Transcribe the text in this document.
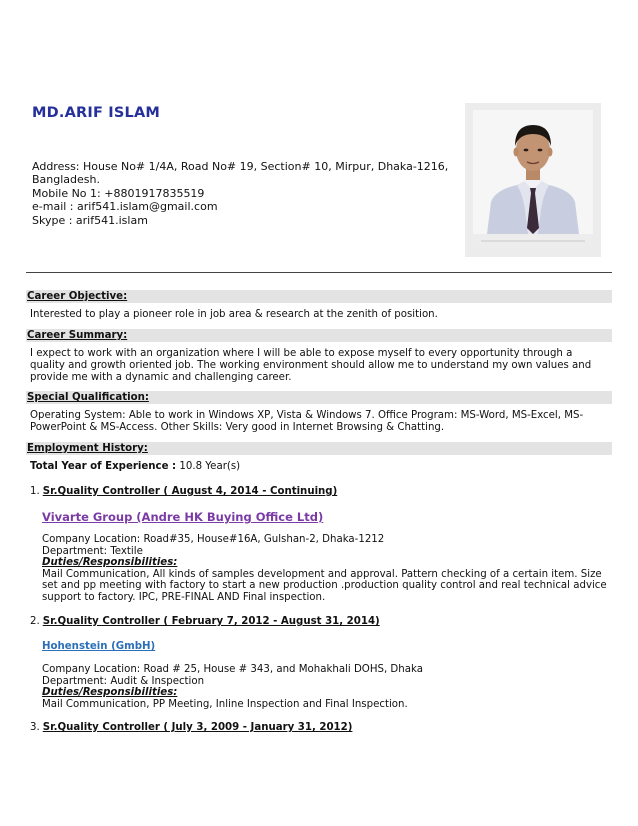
MD.ARIF ISLAM
Address: House No# 1/4A, Road No# 19, Section# 10, Mirpur, Dhaka-1216,
Bangladesh.
Mobile No 1: +8801917835519
e-mail : arif541.islam@gmail.com
Skype : arif541.islam
Career Objective:
Interested to play a pioneer role in job area & research at the zenith of position.
Career Summary:
I expect to work with an organization where I will be able to expose myself to every opportunity through a quality and growth oriented job. The working environment should allow me to understand my own values and provide me with a dynamic and challenging career.
Special Qualification:
Operating System: Able to work in Windows XP, Vista & Windows 7. Office Program: MS-Word, MS-Excel, MS-PowerPoint & MS-Access. Other Skills: Very good in Internet Browsing & Chatting.
Employment History:
Total Year of Experience : 10.8 Year(s)
1. Sr.Quality Controller ( August 4, 2014 - Continuing)
Vivarte Group (Andre HK Buying Office Ltd)
Company Location: Road#35, House#16A, Gulshan-2, Dhaka-1212
Department: Textile
Duties/Responsibilities:
Mail Communication, All kinds of samples development and approval. Pattern checking of a certain item. Size set and pp meeting with factory to start a new production .production quality control and real technical advice support to factory. IPC, PRE-FINAL AND Final inspection.
2. Sr.Quality Controller ( February 7, 2012 - August 31, 2014)
Hohenstein (GmbH)
Company Location: Road # 25, House # 343, and Mohakhali DOHS, Dhaka
Department: Audit & Inspection
Duties/Responsibilities:
Mail Communication, PP Meeting, Inline Inspection and Final Inspection.
3. Sr.Quality Controller ( July 3, 2009 - January 31, 2012)
